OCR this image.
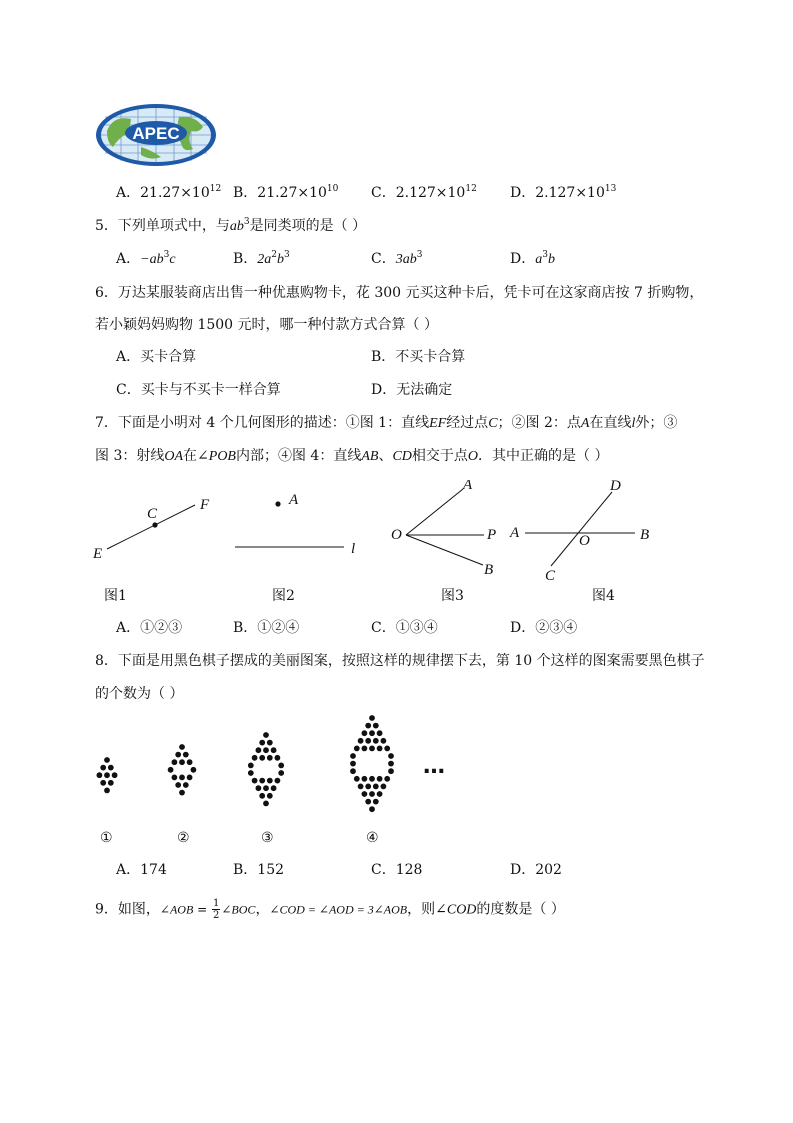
APEC
A．$21.27\times 10^{12}$ B．$21.27\times 10^{10}$ C．$2.127\times 10^{12}$ D．$2.127\times 10^{13}$
5．下列单项式中，与$ab^3$是同类项的是（ ）
A．$-ab^3c$	B．$2a^2b^3$	C．$3ab^3$	D．$a^3b$
6．万达某服装商店出售一种优惠购物卡，花 300 元买这种卡后，凭卡可在这家商店按 7 折购物，
若小颖妈妈购物 1500 元时，哪一种付款方式合算（ ）
A．买卡合算	B．不买卡合算
C．买卡与不买卡一样合算	D．无法确定
7．下面是小明对 4 个几何图形的描述：①图 1：直线EF经过点C；②图 2：点A在直线l外；③
图 3：射线OA在∠POB内部；④图 4：直线AB、CD相交于点O．其中正确的是（ ）
C
F
E
A
l
A
O	P
B
D
A	O	B
C
图1	图2	图3	图4
A．①②③	B．①②④	C．①③④	D．②③④
8．下面是用黑色棋子摆成的美丽图案，按照这样的规律摆下去，第 10 个这样的图案需要黑色棋子
的个数为（ ）
…
①	②	③	④
A．174	B．152	C．128	D．202
9．如图，∠AOB = $\frac{1}{2}$ ∠BOC，∠COD = ∠AOD = 3∠AOB，则∠COD的度数是（ ）
